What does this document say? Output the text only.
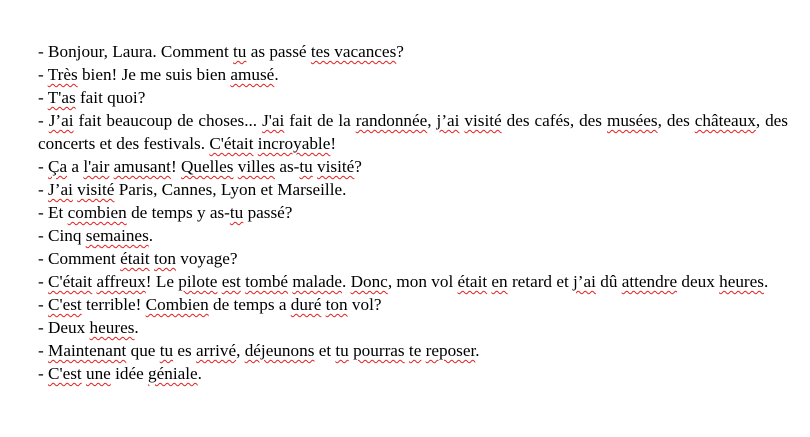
- Bonjour, Laura. Comment tu as passé tes vacances?
- Très bien! Je me suis bien amusé.
- T'as fait quoi?
- J’ai fait beaucoup de choses... J'ai fait de la randonnée, j’ai visité des cafés, des musées, des châteaux, des concerts et des festivals. C'était incroyable!
- Ça a l'air amusant! Quelles villes as-tu visité?
- J’ai visité Paris, Cannes, Lyon et Marseille.
- Et combien de temps y as-tu passé?
- Cinq semaines.
- Comment était ton voyage?
- C'était affreux! Le pilote est tombé malade. Donc, mon vol était en retard et j’ai dû attendre deux heures.
- C'est terrible! Combien de temps a duré ton vol?
- Deux heures.
- Maintenant que tu es arrivé, déjeunons et tu pourras te reposer.
- C'est une idée géniale.
